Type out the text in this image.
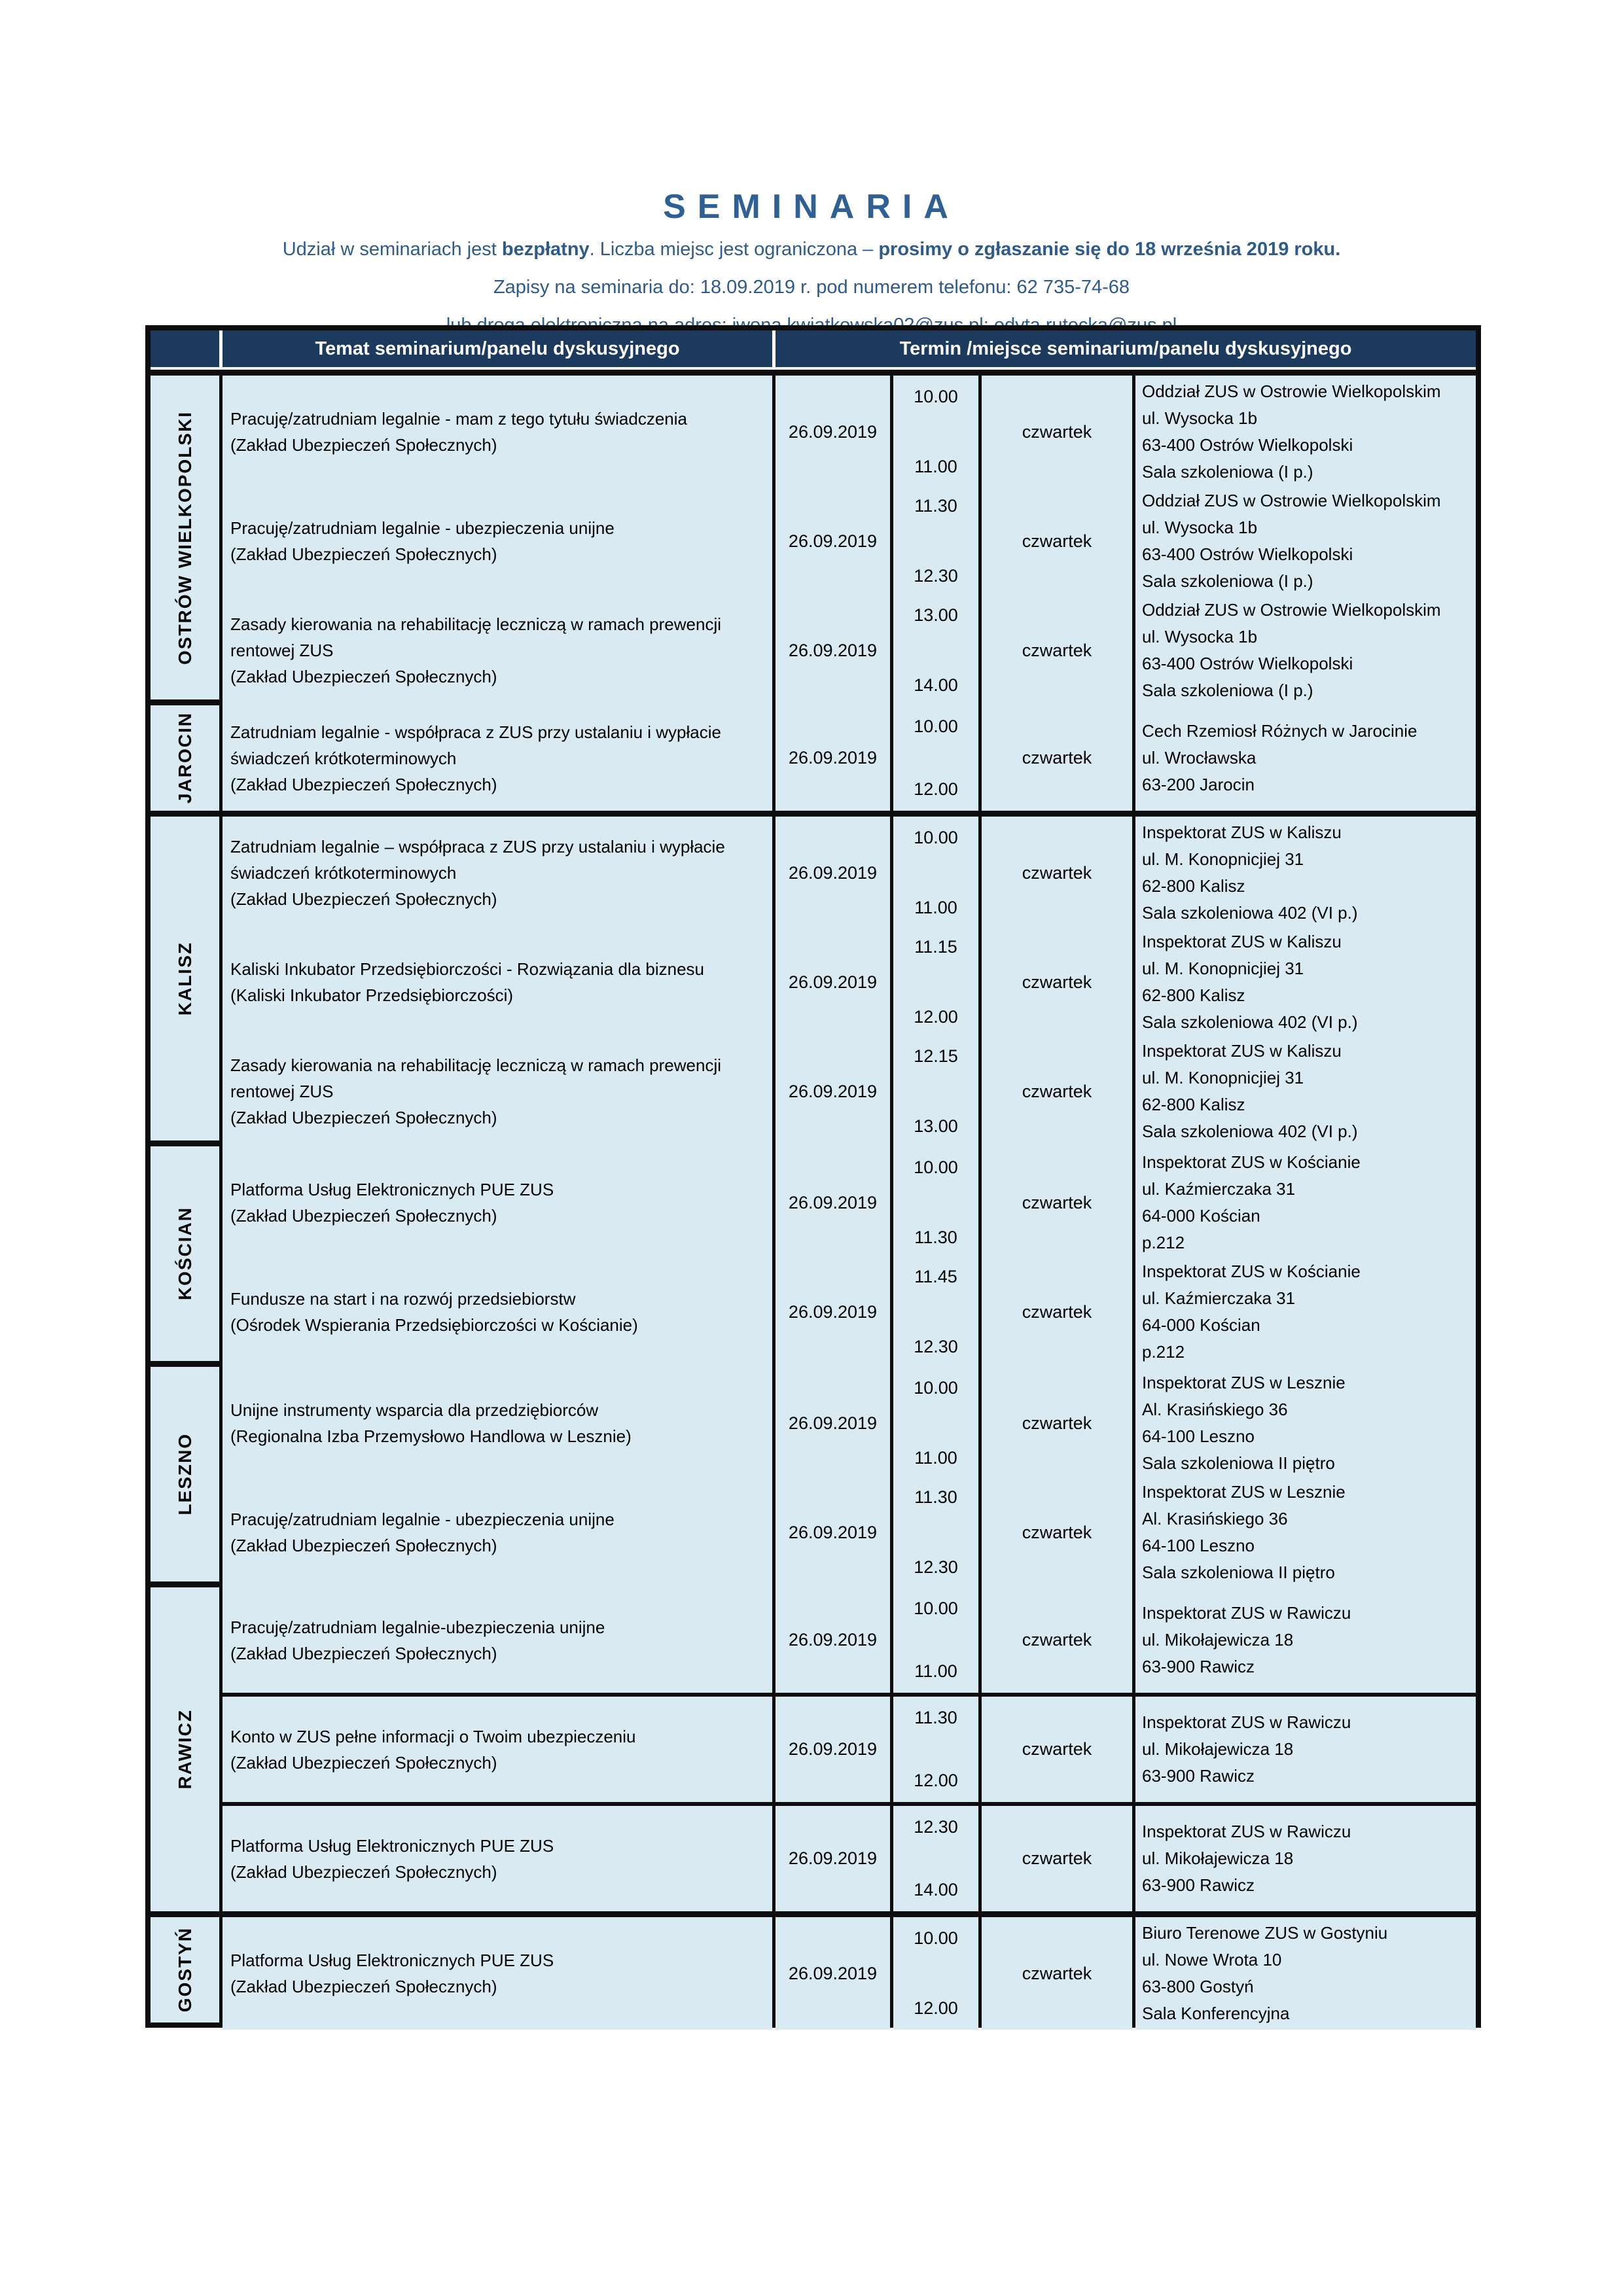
SEMINARIA
Udział w seminariach jest bezpłatny. Liczba miejsc jest ograniczona – prosimy o zgłaszanie się do 18 września 2019 roku.
Zapisy na seminaria do: 18.09.2019 r. pod numerem telefonu: 62 735-74-68
Temat seminarium/panelu dyskusyjnego	Termin /miejsce seminarium/panelu dyskusyjnego
OSTRÓW WIELKOPOLSKI Pracuję/zatrudniam legalnie - mam z tego tytułu świadczenia
(Zakład Ubezpieczeń Społecznych)
26.09.2019
10.00
11.00
czwartek
Oddział ZUS w Ostrowie Wielkopolskim
ul. Wysocka 1b
63-400 Ostrów Wielkopolski
Sala szkoleniowa (I p.)
Pracuję/zatrudniam legalnie - ubezpieczenia unijne
(Zakład Ubezpieczeń Społecznych)
26.09.2019
11.30
12.30
czwartek
Oddział ZUS w Ostrowie Wielkopolskim
ul. Wysocka 1b
63-400 Ostrów Wielkopolski
Sala szkoleniowa (I p.)
Zasady kierowania na rehabilitację leczniczą w ramach prewencji
rentowej ZUS
(Zakład Ubezpieczeń Społecznych)
26.09.2019
13.00
14.00
czwartek
Oddział ZUS w Ostrowie Wielkopolskim
ul. Wysocka 1b
63-400 Ostrów Wielkopolski
Sala szkoleniowa (I p.)
JAROCIN Zatrudniam legalnie - współpraca z ZUS przy ustalaniu i wypłacie
świadczeń krótkoterminowych
(Zakład Ubezpieczeń Społecznych)
26.09.2019
10.00
12.00
czwartek
Cech Rzemiosł Różnych w Jarocinie
ul. Wrocławska
63-200 Jarocin
KALISZ
Zatrudniam legalnie – współpraca z ZUS przy ustalaniu i wypłacie
świadczeń krótkoterminowych
(Zakład Ubezpieczeń Społecznych)
26.09.2019
10.00
11.00
czwartek
Inspektorat ZUS w Kaliszu
ul. M. Konopnicjiej 31
62-800 Kalisz
Sala szkoleniowa 402 (VI p.)
Kaliski Inkubator Przedsiębiorczości - Rozwiązania dla biznesu
(Kaliski Inkubator Przedsiębiorczości)
26.09.2019
11.15
12.00
czwartek
Inspektorat ZUS w Kaliszu
ul. M. Konopnicjiej 31
62-800 Kalisz
Sala szkoleniowa 402 (VI p.)
Zasady kierowania na rehabilitację leczniczą w ramach prewencji
rentowej ZUS
(Zakład Ubezpieczeń Społecznych)
26.09.2019
12.15
13.00
czwartek
Inspektorat ZUS w Kaliszu
ul. M. Konopnicjiej 31
62-800 Kalisz
Sala szkoleniowa 402 (VI p.)
KOŚCIAN
Platforma Usług Elektronicznych PUE ZUS
(Zakład Ubezpieczeń Społecznych)
26.09.2019
10.00
11.30
czwartek
Inspektorat ZUS w Kościanie
ul. Kaźmierczaka 31
64-000 Kościan
p.212
Fundusze na start i na rozwój przedsiebiorstw
(Ośrodek Wspierania Przedsiębiorczości w Kościanie)
26.09.2019
11.45
12.30
czwartek
Inspektorat ZUS w Kościanie
ul. Kaźmierczaka 31
64-000 Kościan
p.212
LESZNO
Unijne instrumenty wsparcia dla przedziębiorców
(Regionalna Izba Przemysłowo Handlowa w Lesznie)
26.09.2019
10.00
11.00
czwartek
Inspektorat ZUS w Lesznie
Al. Krasińskiego 36
64-100 Leszno
Sala szkoleniowa II piętro
Pracuję/zatrudniam legalnie - ubezpieczenia unijne
(Zakład Ubezpieczeń Społecznych)
26.09.2019
11.30
12.30
czwartek
Inspektorat ZUS w Lesznie
Al. Krasińskiego 36
64-100 Leszno
Sala szkoleniowa II piętro
RAWICZ
Pracuję/zatrudniam legalnie-ubezpieczenia unijne
(Zakład Ubezpieczeń Społecznych)
26.09.2019
10.00
11.00
czwartek
Inspektorat ZUS w Rawiczu
ul. Mikołajewicza 18
63-900 Rawicz
Konto w ZUS pełne informacji o Twoim ubezpieczeniu
(Zakład Ubezpieczeń Społecznych)
26.09.2019
11.30
12.00
czwartek
Inspektorat ZUS w Rawiczu
ul. Mikołajewicza 18
63-900 Rawicz
Platforma Usług Elektronicznych PUE ZUS
(Zakład Ubezpieczeń Społecznych)
26.09.2019
12.30
14.00
czwartek
Inspektorat ZUS w Rawiczu
ul. Mikołajewicza 18
63-900 Rawicz
GOSTYŃ Platforma Usług Elektronicznych PUE ZUS
(Zakład Ubezpieczeń Społecznych)
26.09.2019
10.00
12.00
czwartek
Biuro Terenowe ZUS w Gostyniu
ul. Nowe Wrota 10
63-800 Gostyń
Sala Konferencyjna
